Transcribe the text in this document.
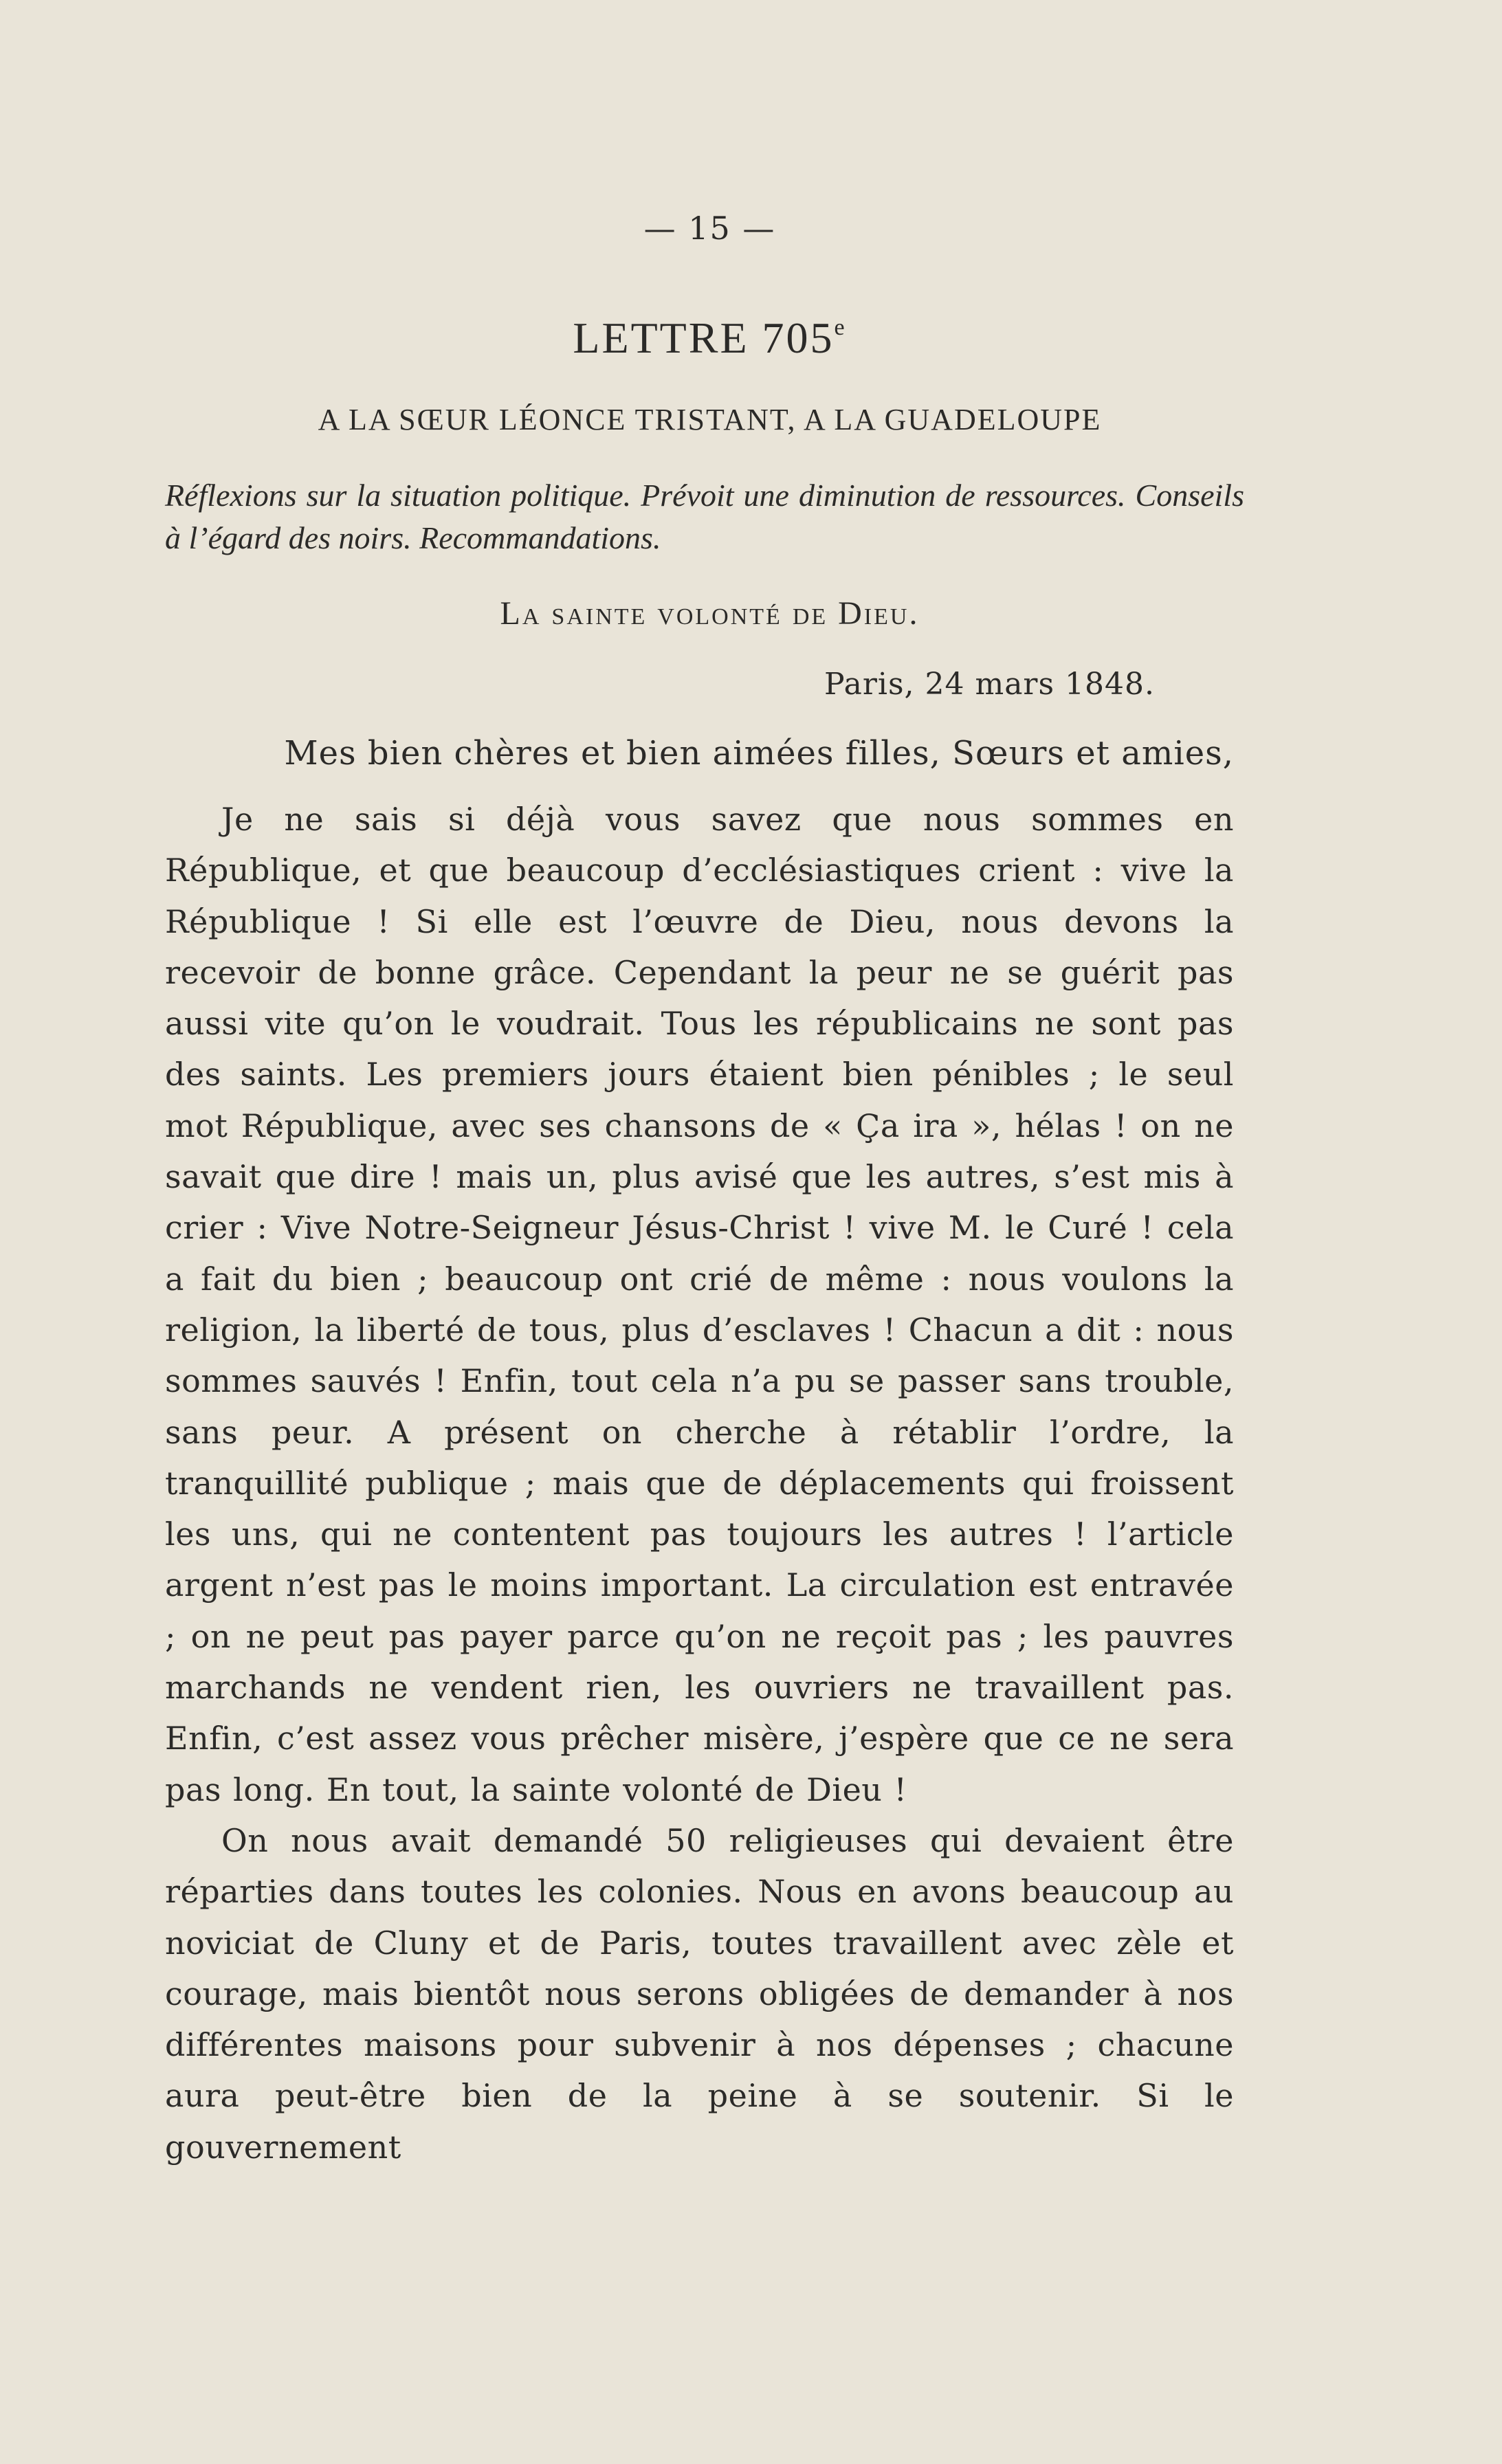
— 15 —
LETTRE 705e
A LA SŒUR LÉONCE TRISTANT, A LA GUADELOUPE
Réflexions sur la situation politique. Prévoit une diminution de ressources. Conseils à l’égard des noirs. Recommandations.
La sainte volonté de Dieu.
Paris, 24 mars 1848.
Mes bien chères et bien aimées filles, Sœurs et amies,

Je ne sais si déjà vous savez que nous sommes en République, et que beaucoup d’ecclésiastiques crient : vive la République ! Si elle est l’œuvre de Dieu, nous devons la recevoir de bonne grâce. Cependant la peur ne se guérit pas aussi vite qu’on le voudrait. Tous les républicains ne sont pas des saints. Les premiers jours étaient bien pénibles ; le seul mot République, avec ses chansons de « Ça ira », hélas ! on ne savait que dire ! mais un, plus avisé que les autres, s’est mis à crier : Vive Notre-Seigneur Jésus-Christ ! vive M. le Curé ! cela a fait du bien ; beaucoup ont crié de même : nous voulons la religion, la liberté de tous, plus d’esclaves ! Chacun a dit : nous sommes sauvés ! Enfin, tout cela n’a pu se passer sans trouble, sans peur. A présent on cherche à rétablir l’ordre, la tranquillité publique ; mais que de déplacements qui froissent les uns, qui ne contentent pas toujours les autres ! l’article argent n’est pas le moins important. La circulation est entravée ; on ne peut pas payer parce qu’on ne reçoit pas ; les pauvres marchands ne vendent rien, les ouvriers ne travaillent pas. Enfin, c’est assez vous prêcher misère, j’espère que ce ne sera pas long. En tout, la sainte volonté de Dieu !

On nous avait demandé 50 religieuses qui devaient être réparties dans toutes les colonies. Nous en avons beaucoup au noviciat de Cluny et de Paris, toutes travaillent avec zèle et courage, mais bientôt nous serons obligées de demander à nos différentes maisons pour subvenir à nos dépenses ; chacune aura peut-être bien de la peine à se soutenir. Si le gouvernement
